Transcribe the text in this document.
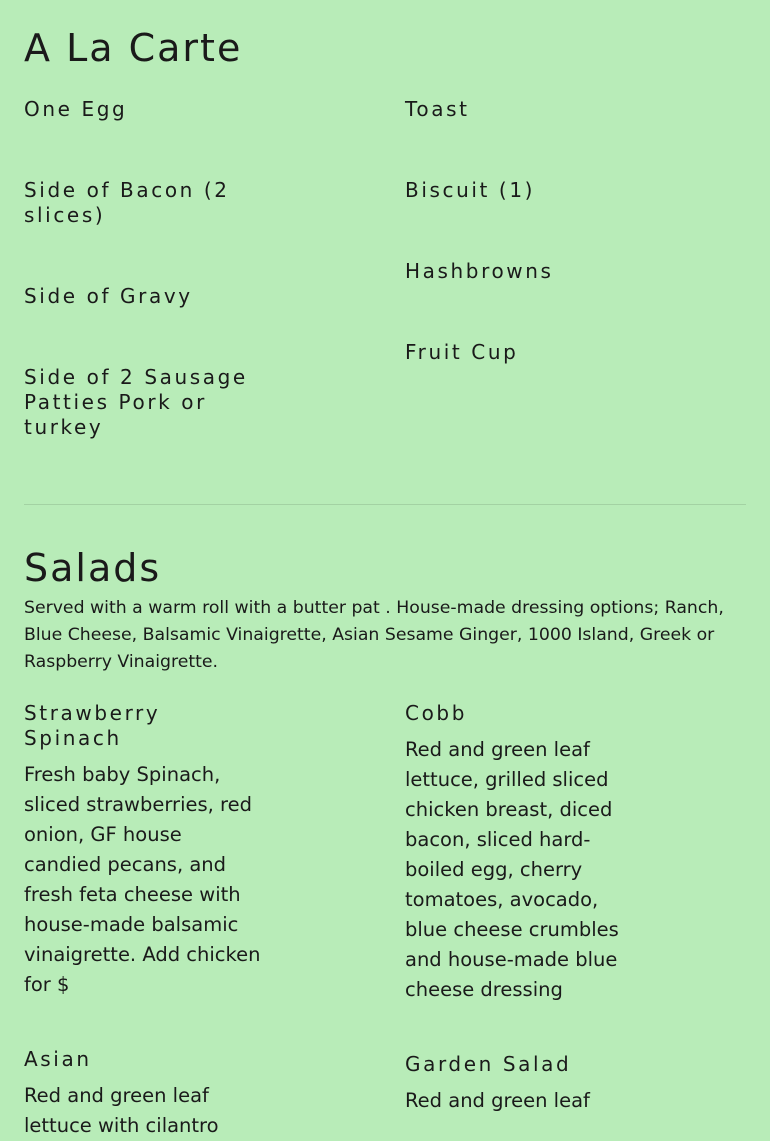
A La Carte

One Egg	Toast

Side of Bacon (2 slices)

Biscuit (1)

Hashbrowns

Side of Gravy

Fruit Cup

Side of 2 Sausage Patties Pork or turkey

Salads

Served with a warm roll with a butter pat . House-made dressing options; Ranch, Blue Cheese, Balsamic Vinaigrette, Asian Sesame Ginger, 1000 Island, Greek or Raspberry Vinaigrette.

Strawberry Spinach

Fresh baby Spinach, sliced strawberries, red onion, GF house candied pecans, and fresh feta cheese with house-made balsamic vinaigrette. Add chicken for $

Cobb

Red and green leaf lettuce, grilled sliced chicken breast, diced bacon, sliced hard-boiled egg, cherry tomatoes, avocado, blue cheese crumbles and house-made blue cheese dressing

Asian

Red and green leaf lettuce with cilantro

Garden Salad

Red and green leaf
